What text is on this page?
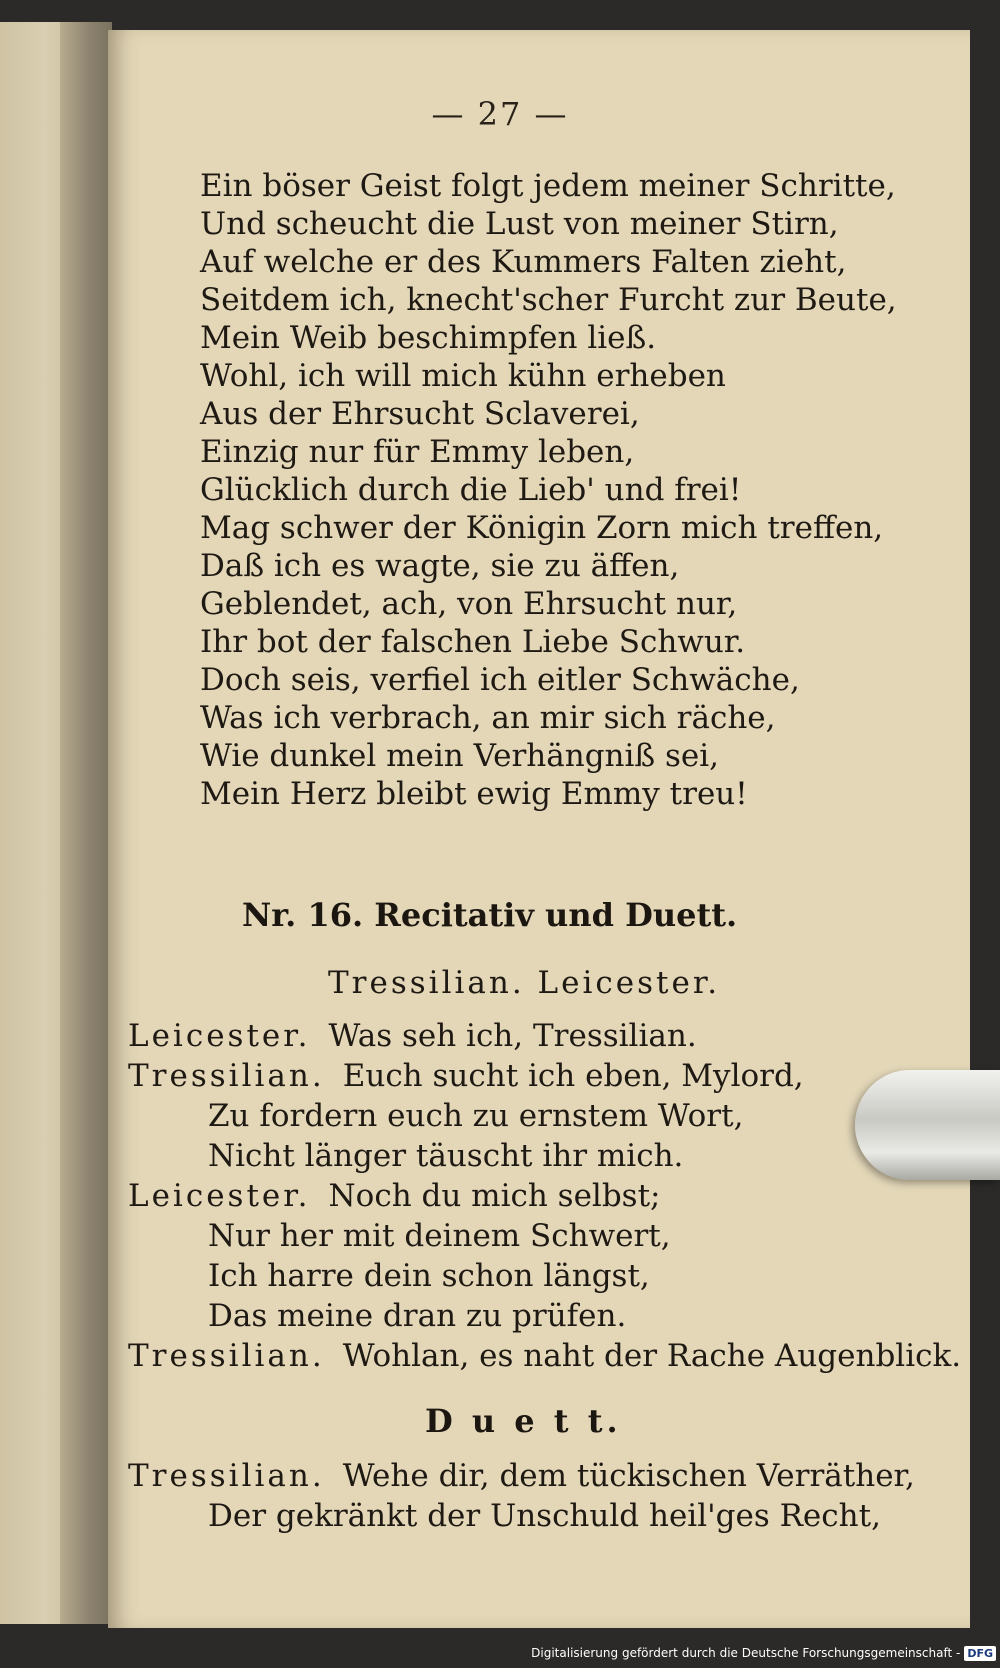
— 27 —
Ein böser Geist folgt jedem meiner Schritte,
Und scheucht die Lust von meiner Stirn,
Auf welche er des Kummers Falten zieht,
Seitdem ich, knecht'scher Furcht zur Beute,
Mein Weib beschimpfen ließ.
Wohl, ich will mich kühn erheben
Aus der Ehrsucht Sclaverei,
Einzig nur für Emmy leben,
Glücklich durch die Lieb' und frei!
Mag schwer der Königin Zorn mich treffen,
Daß ich es wagte, sie zu äffen,
Geblendet, ach, von Ehrsucht nur,
Ihr bot der falschen Liebe Schwur.
Doch seis, verfiel ich eitler Schwäche,
Was ich verbrach, an mir sich räche,
Wie dunkel mein Verhängniß sei,
Mein Herz bleibt ewig Emmy treu!
Nr. 16. Recitativ und Duett.
Tressilian. Leicester.
Leicester. Was seh ich, Tressilian.
Tressilian. Euch sucht ich eben, Mylord,
Zu fordern euch zu ernstem Wort,
Nicht länger täuscht ihr mich.
Leicester. Noch du mich selbst;
Nur her mit deinem Schwert,
Ich harre dein schon längst,
Das meine dran zu prüfen.
Tressilian. Wohlan, es naht der Rache Augenblick.
D u e t t.
Tressilian. Wehe dir, dem tückischen Verräther,
Der gekränkt der Unschuld heil'ges Recht,
Digitalisierung gefördert durch die Deutsche Forschungsgemeinschaft - DFG
